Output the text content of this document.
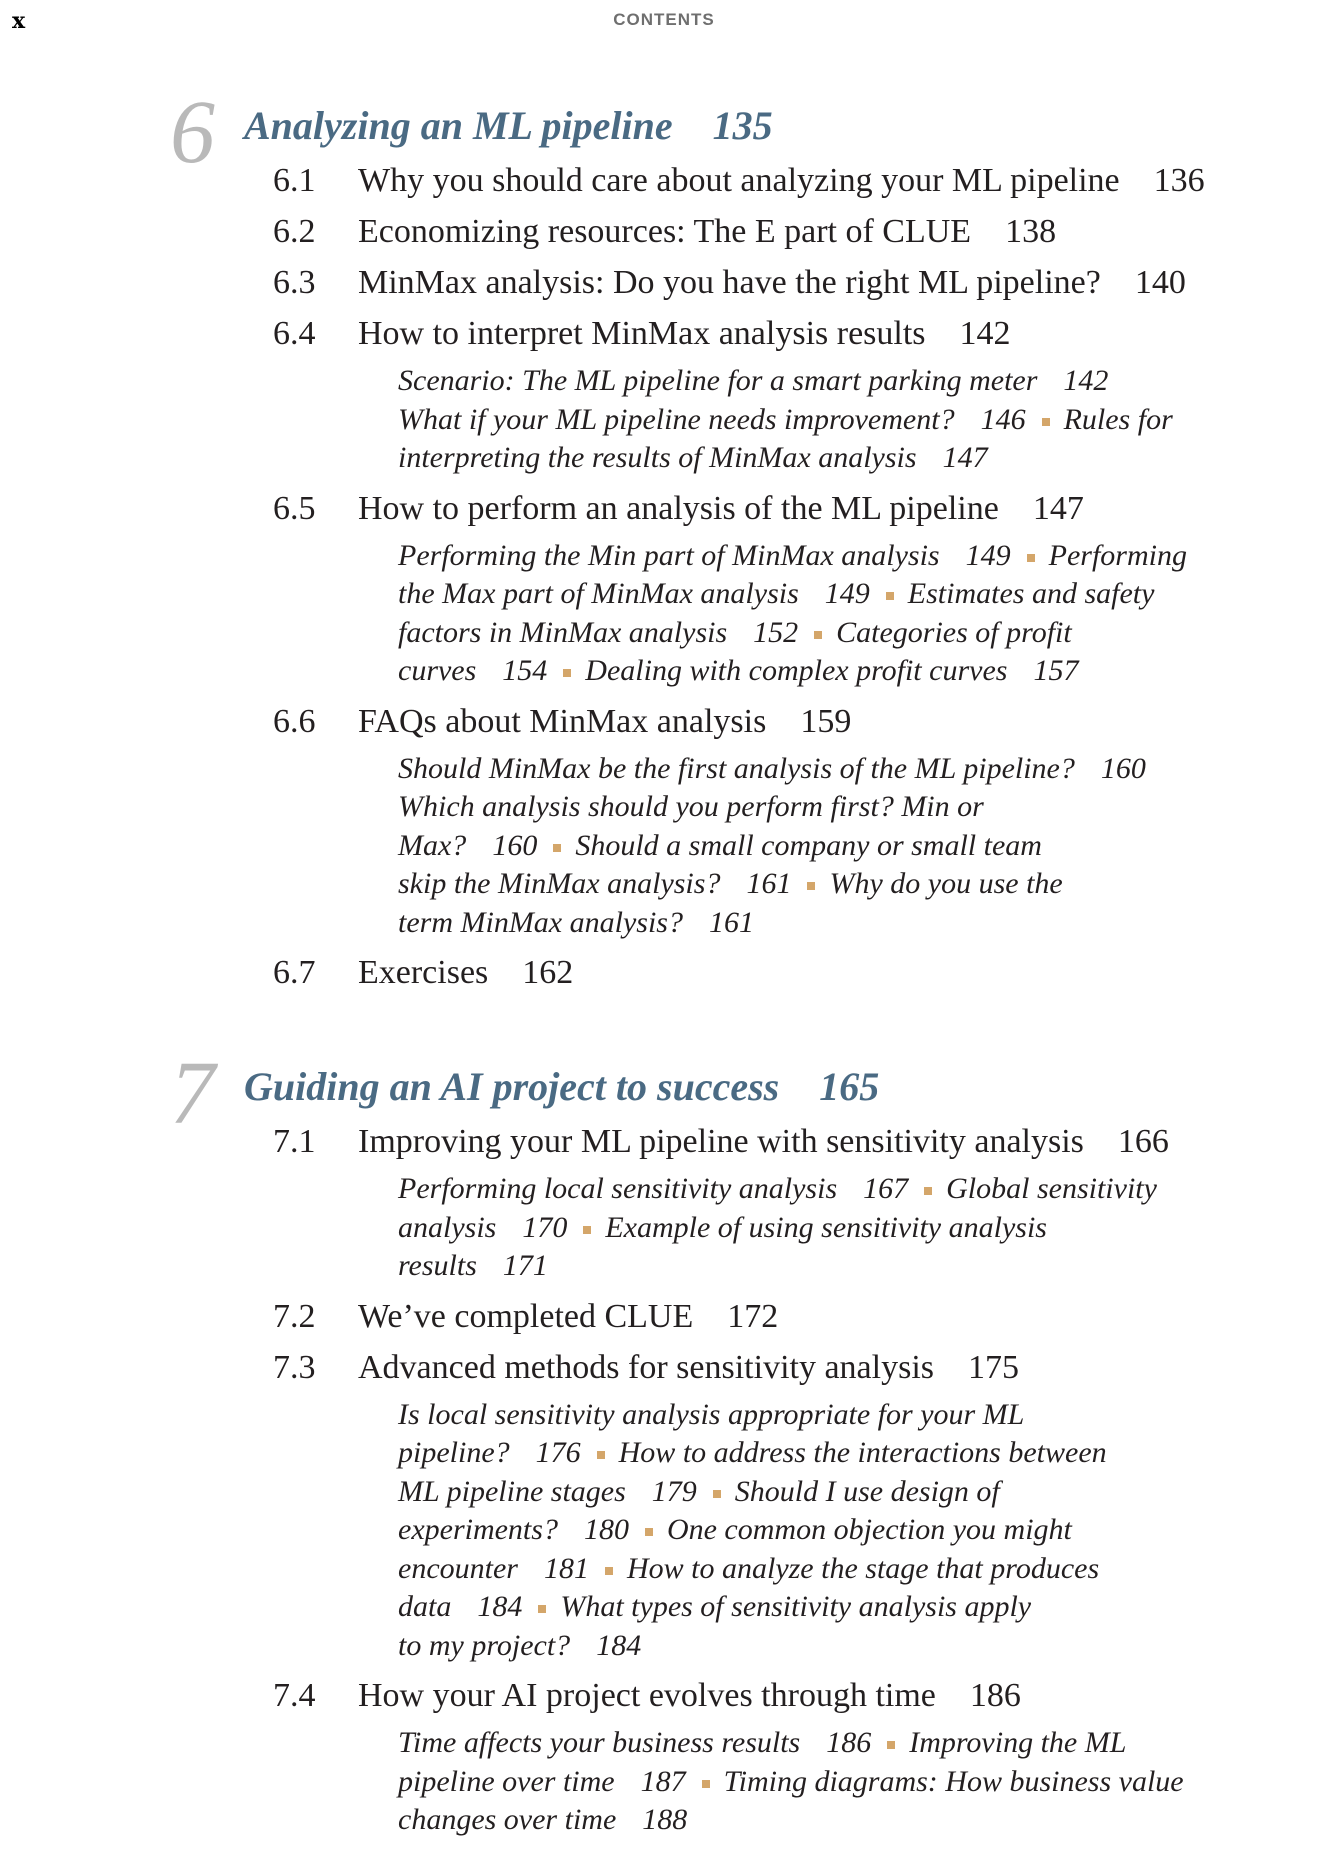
x	CONTENTS
6 Analyzing an ML pipeline 135
6.1 Why you should care about analyzing your ML pipeline 136
6.2 Economizing resources: The E part of CLUE 138
6.3 MinMax analysis: Do you have the right ML pipeline? 140
6.4 How to interpret MinMax analysis results 142
Scenario: The ML pipeline for a smart parking meter 142
What if your ML pipeline needs improvement? 146 Rules for
interpreting the results of MinMax analysis 147
6.5 How to perform an analysis of the ML pipeline 147
Performing the Min part of MinMax analysis 149 Performing
the Max part of MinMax analysis 149 Estimates and safety
factors in MinMax analysis 152 Categories of profit
curves 154 Dealing with complex profit curves 157
6.6 FAQs about MinMax analysis 159
Should MinMax be the first analysis of the ML pipeline? 160
Which analysis should you perform first? Min or
Max? 160 Should a small company or small team
skip the MinMax analysis? 161 Why do you use the
term MinMax analysis? 161
6.7 Exercises 162
7 Guiding an AI project to success 165
7.1 Improving your ML pipeline with sensitivity analysis 166
Performing local sensitivity analysis 167 Global sensitivity
analysis 170 Example of using sensitivity analysis
results 171
7.2 We’ve completed CLUE 172
7.3 Advanced methods for sensitivity analysis 175
Is local sensitivity analysis appropriate for your ML
pipeline? 176 How to address the interactions between
ML pipeline stages 179 Should I use design of
experiments? 180 One common objection you might
encounter 181 How to analyze the stage that produces
data 184 What types of sensitivity analysis apply
to my project? 184
7.4 How your AI project evolves through time 186
Time affects your business results 186 Improving the ML
pipeline over time 187 Timing diagrams: How business value
changes over time 188
